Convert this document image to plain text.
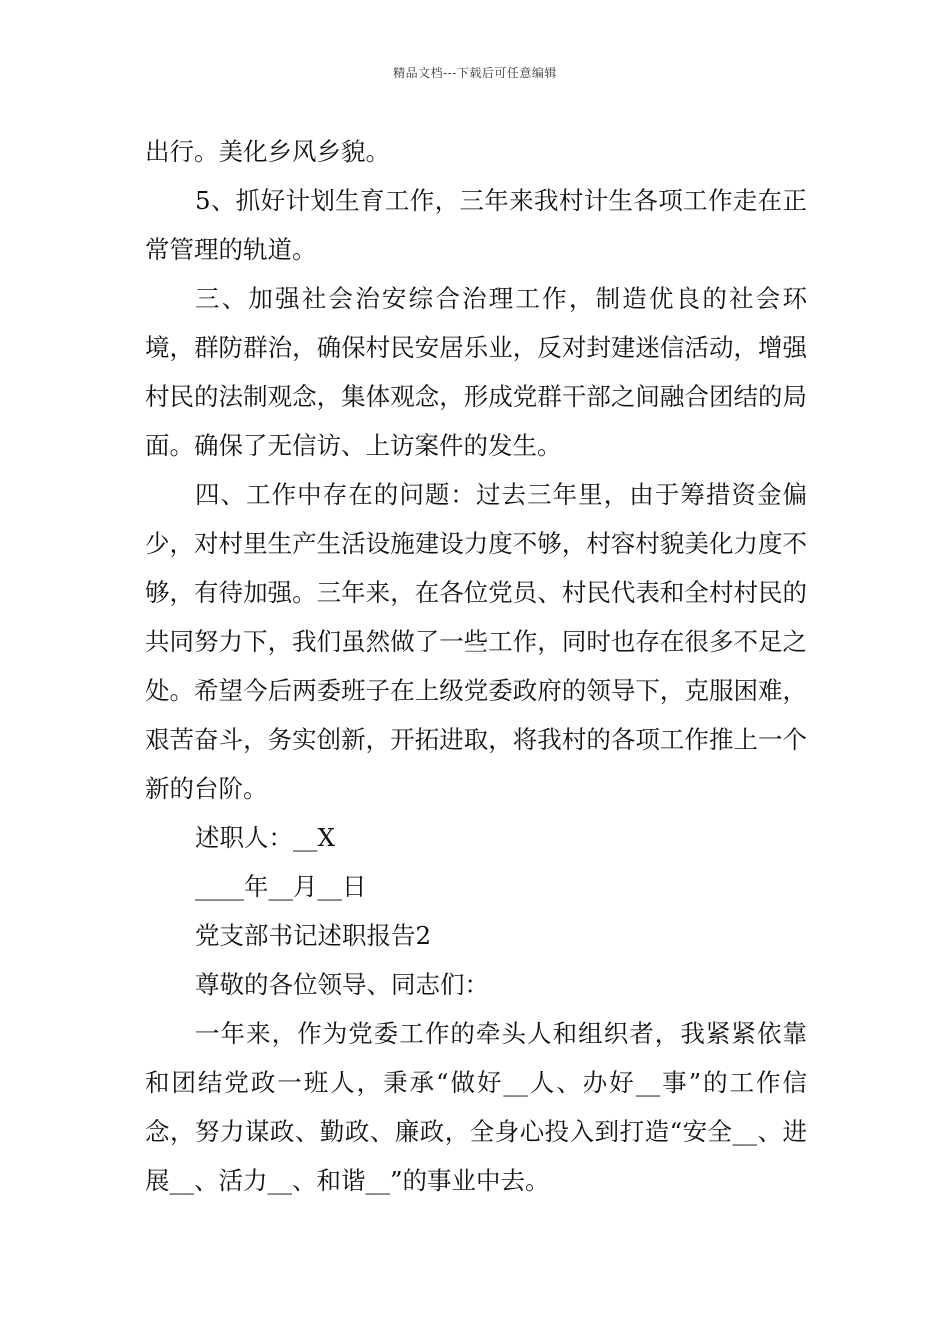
精品文档---下载后可任意编辑

出行。美化乡风乡貌。

5、抓好计划生育工作，三年来我村计生各项工作走在正常管理的轨道。

三、加强社会治安综合治理工作，制造优良的社会环境，群防群治，确保村民安居乐业，反对封建迷信活动，增强村民的法制观念，集体观念，形成党群干部之间融合团结的局面。确保了无信访、上访案件的发生。

四、工作中存在的问题：过去三年里，由于筹措资金偏少，对村里生产生活设施建设力度不够，村容村貌美化力度不够，有待加强。三年来，在各位党员、村民代表和全村村民的共同努力下，我们虽然做了一些工作，同时也存在很多不足之处。希望今后两委班子在上级党委政府的领导下，克服困难，艰苦奋斗，务实创新，开拓进取，将我村的各项工作推上一个新的台阶。

述职人：__X

____年__月__日

党支部书记述职报告2

尊敬的各位领导、同志们：

一年来，作为党委工作的牵头人和组织者，我紧紧依靠和团结党政一班人，秉承“做好__人、办好__事”的工作信念，努力谋政、勤政、廉政，全身心投入到打造“安全__、进展__、活力__、和谐__”的事业中去。
